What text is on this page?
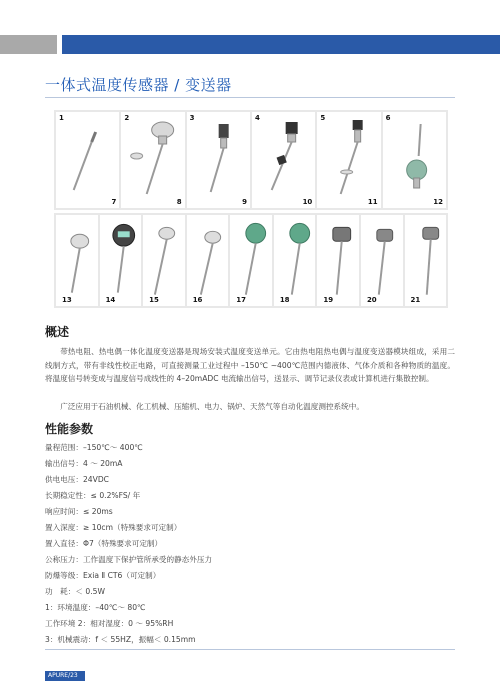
一体式温度传感器 / 变送器
1
7
2
8
3
9
4
10
5
11
6
12
13	14	15	16	17	18	19	20	21
概述

带热电阻、热电偶一体化温度变送器是现场安装式温度变送单元。它由热电阻热电偶与温度变送器模块组成，采用二线制方式，带有非线性校正电路，可直接测量工业过程中 –150℃ ~400℃范围内德液体、气体介质和各种物质的温度。将温度信号转变成与温度信号成线性的 4–20mADC 电流输出信号，送显示、调节记录仪表或计算机进行集散控制。

广泛应用于石油机械、化工机械、压缩机、电力、锅炉、天然气等自动化温度测控系统中。

性能参数
量程范围：–150℃～ 400℃
输出信号：4 ～ 20mA
供电电压：24VDC
长期稳定性：≤ 0.2%FS/ 年
响应时间：≤ 20ms
置入深度：≥ 10cm（特殊要求可定制）
置入直径：Φ7（特殊要求可定制）
公称压力：工作温度下保护管所承受的静态外压力
防爆等级：Exia Ⅱ CT6（可定制）
功　耗：＜ 0.5W
1：环境温度：–40℃～ 80℃
工作环境 2：相对湿度：0 ～ 95%RH
3：机械震动：f ＜ 55HZ，振幅＜ 0.15mm
APURE/23
